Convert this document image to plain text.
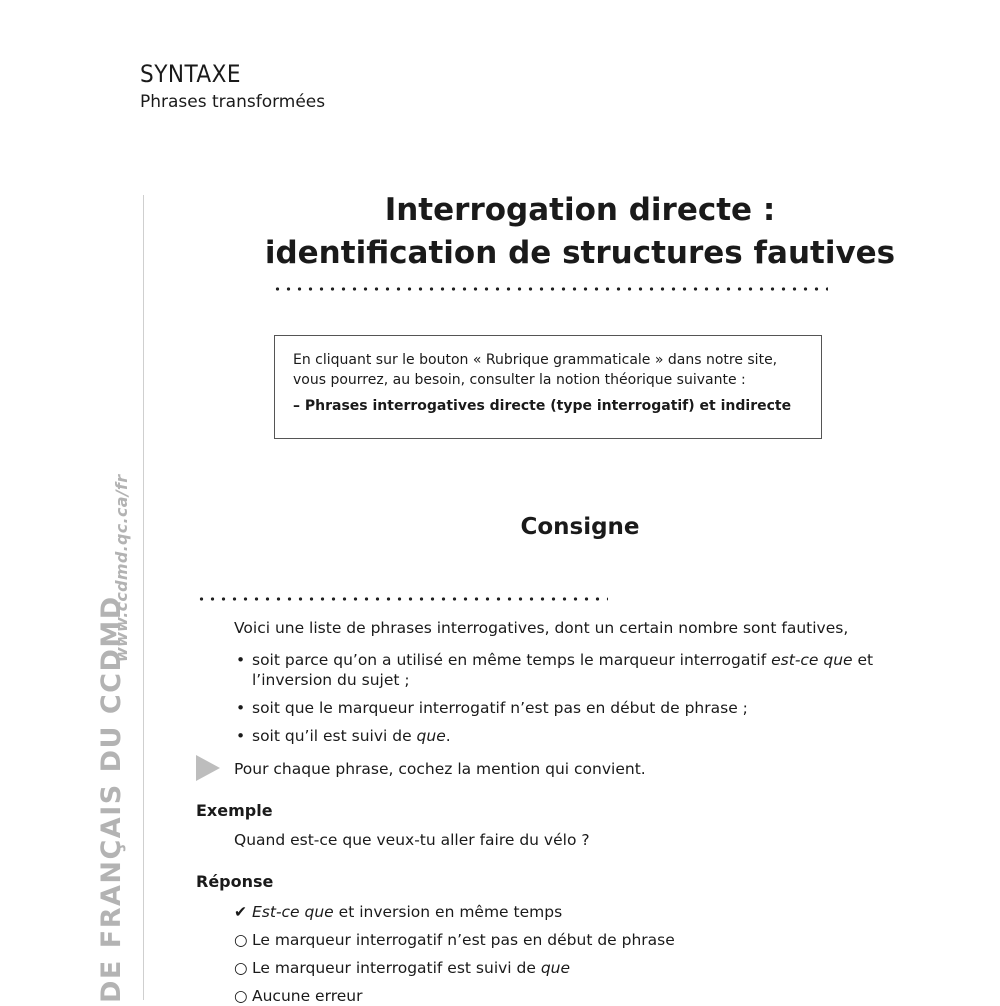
SYNTAXE
Phrases transformées
DE FRANÇAIS DU CCDMD
www.ccdmd.qc.ca/fr
Interrogation directe :
identification de structures fautives
En cliquant sur le bouton « Rubrique grammaticale » dans notre site,
vous pourrez, au besoin, consulter la notion théorique suivante :
– Phrases interrogatives directe (type interrogatif) et indirecte
Consigne
Voici une liste de phrases interrogatives, dont un certain nombre sont fautives,
• soit parce qu’on a utilisé en même temps le marqueur interrogatif est-ce que et
l’inversion du sujet ;
• soit que le marqueur interrogatif n’est pas en début de phrase ;
• soit qu’il est suivi de que.
Pour chaque phrase, cochez la mention qui convient.
Exemple
Quand est-ce que veux-tu aller faire du vélo ?
Réponse
✔ Est-ce que et inversion en même temps
○ Le marqueur interrogatif n’est pas en début de phrase
○ Le marqueur interrogatif est suivi de que
○ Aucune erreur
